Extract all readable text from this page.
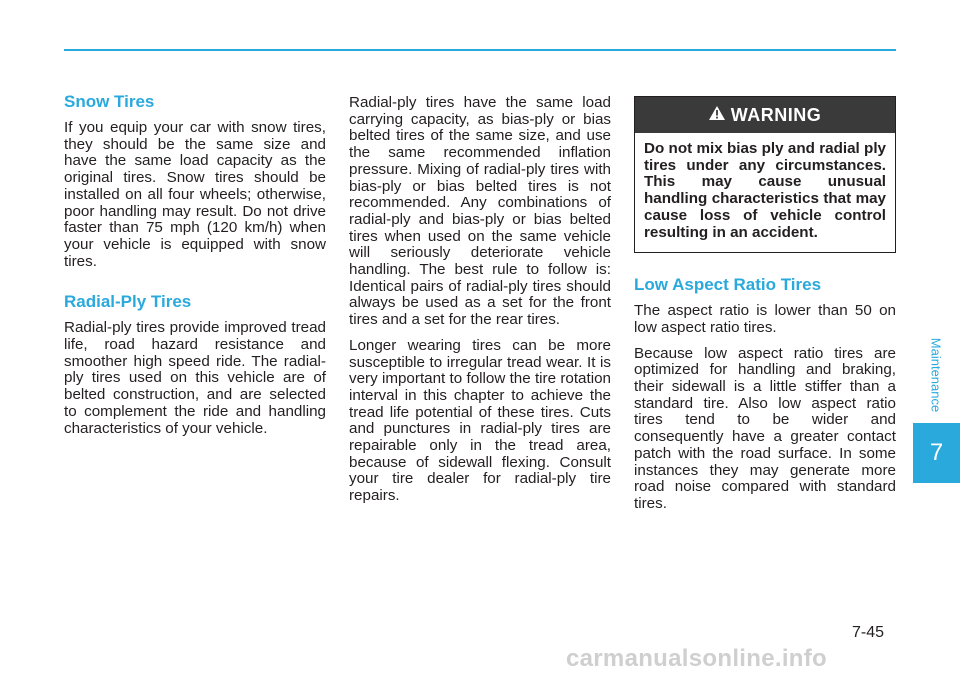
Snow Tires

If you equip your car with snow tires, they should be the same size and have the same load capacity as the original tires. Snow tires should be installed on all four wheels; otherwise, poor handling may result. Do not drive faster than 75 mph (120 km/h) when your vehicle is equipped with snow tires.

Radial-Ply Tires

Radial-ply tires provide improved tread life, road hazard resistance and smoother high speed ride. The radial-ply tires used on this vehicle are of belted construction, and are selected to complement the ride and handling characteristics of your vehicle.

Radial-ply tires have the same load carrying capacity, as bias-ply or bias belted tires of the same size, and use the same recommended inflation pressure. Mixing of radial-ply tires with bias-ply or bias belted tires is not recommended. Any combinations of radial-ply and bias-ply or bias belted tires when used on the same vehicle will seriously deteriorate vehicle handling. The best rule to follow is: Identical pairs of radial-ply tires should always be used as a set for the front tires and a set for the rear tires.

Longer wearing tires can be more susceptible to irregular tread wear. It is very important to follow the tire rotation interval in this chapter to achieve the tread life potential of these tires. Cuts and punctures in radial-ply tires are repairable only in the tread area, because of sidewall flexing. Consult your tire dealer for radial-ply tire repairs.

WARNING
Do not mix bias ply and radial ply tires under any circumstances. This may cause unusual handling characteristics that may cause loss of vehicle control resulting in an accident.
Low Aspect Ratio Tires

The aspect ratio is lower than 50 on low aspect ratio tires.

Because low aspect ratio tires are optimized for handling and braking, their sidewall is a little stiffer than a standard tire. Also low aspect ratio tires tend to be wider and consequently have a greater contact patch with the road surface. In some instances they may generate more road noise compared with standard tires.

Maintenance
7
7-45
carmanualsonline.info
